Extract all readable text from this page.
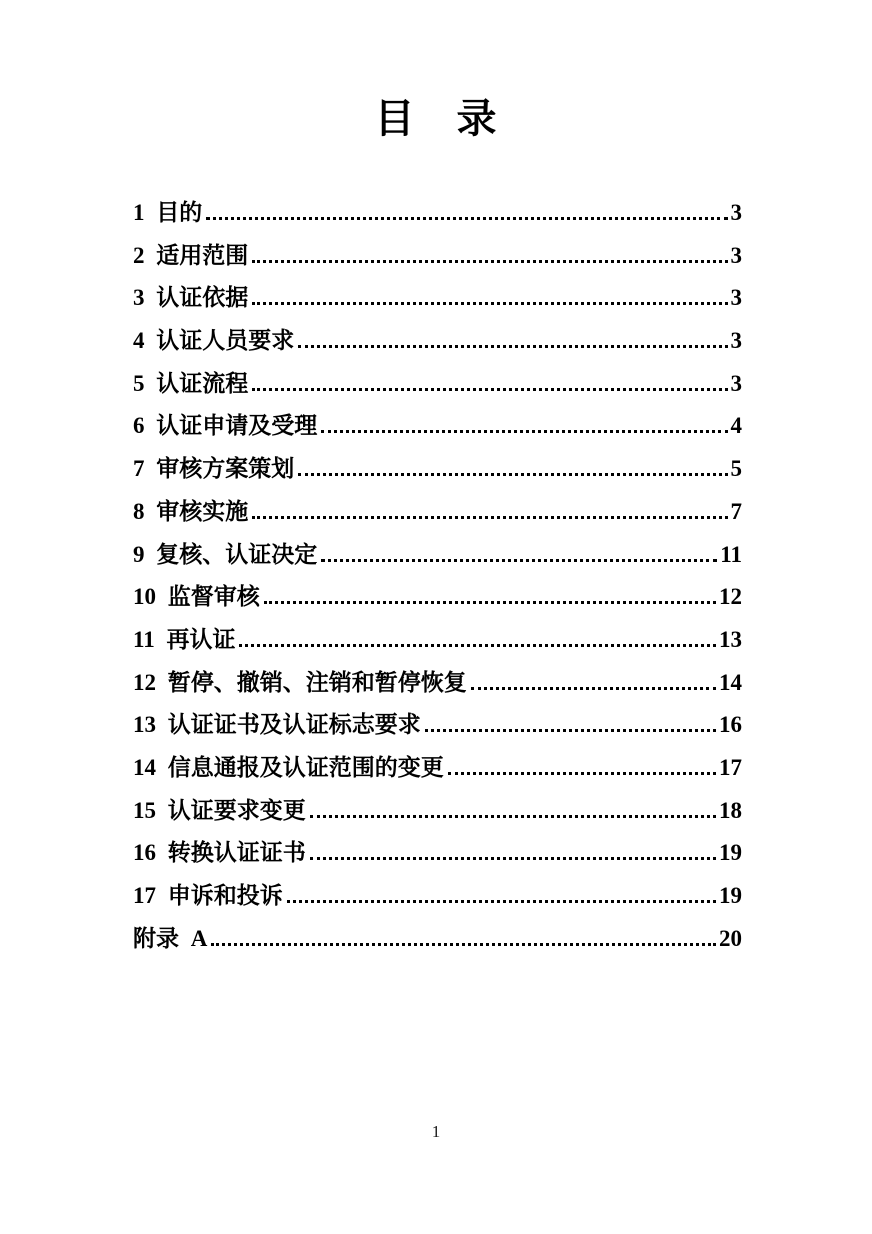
目　录
1 目的	3
2 适用范围	3
3 认证依据	3
4 认证人员要求	3
5 认证流程	3
6 认证申请及受理	4
7 审核方案策划	5
8 审核实施	7
9 复核、认证决定	11
10 监督审核	12
11 再认证	13
12 暂停、撤销、注销和暂停恢复	14
13 认证证书及认证标志要求	16
14 信息通报及认证范围的变更	17
15 认证要求变更	18
16 转换认证证书	19
17 申诉和投诉	19
附录 A	20
1
